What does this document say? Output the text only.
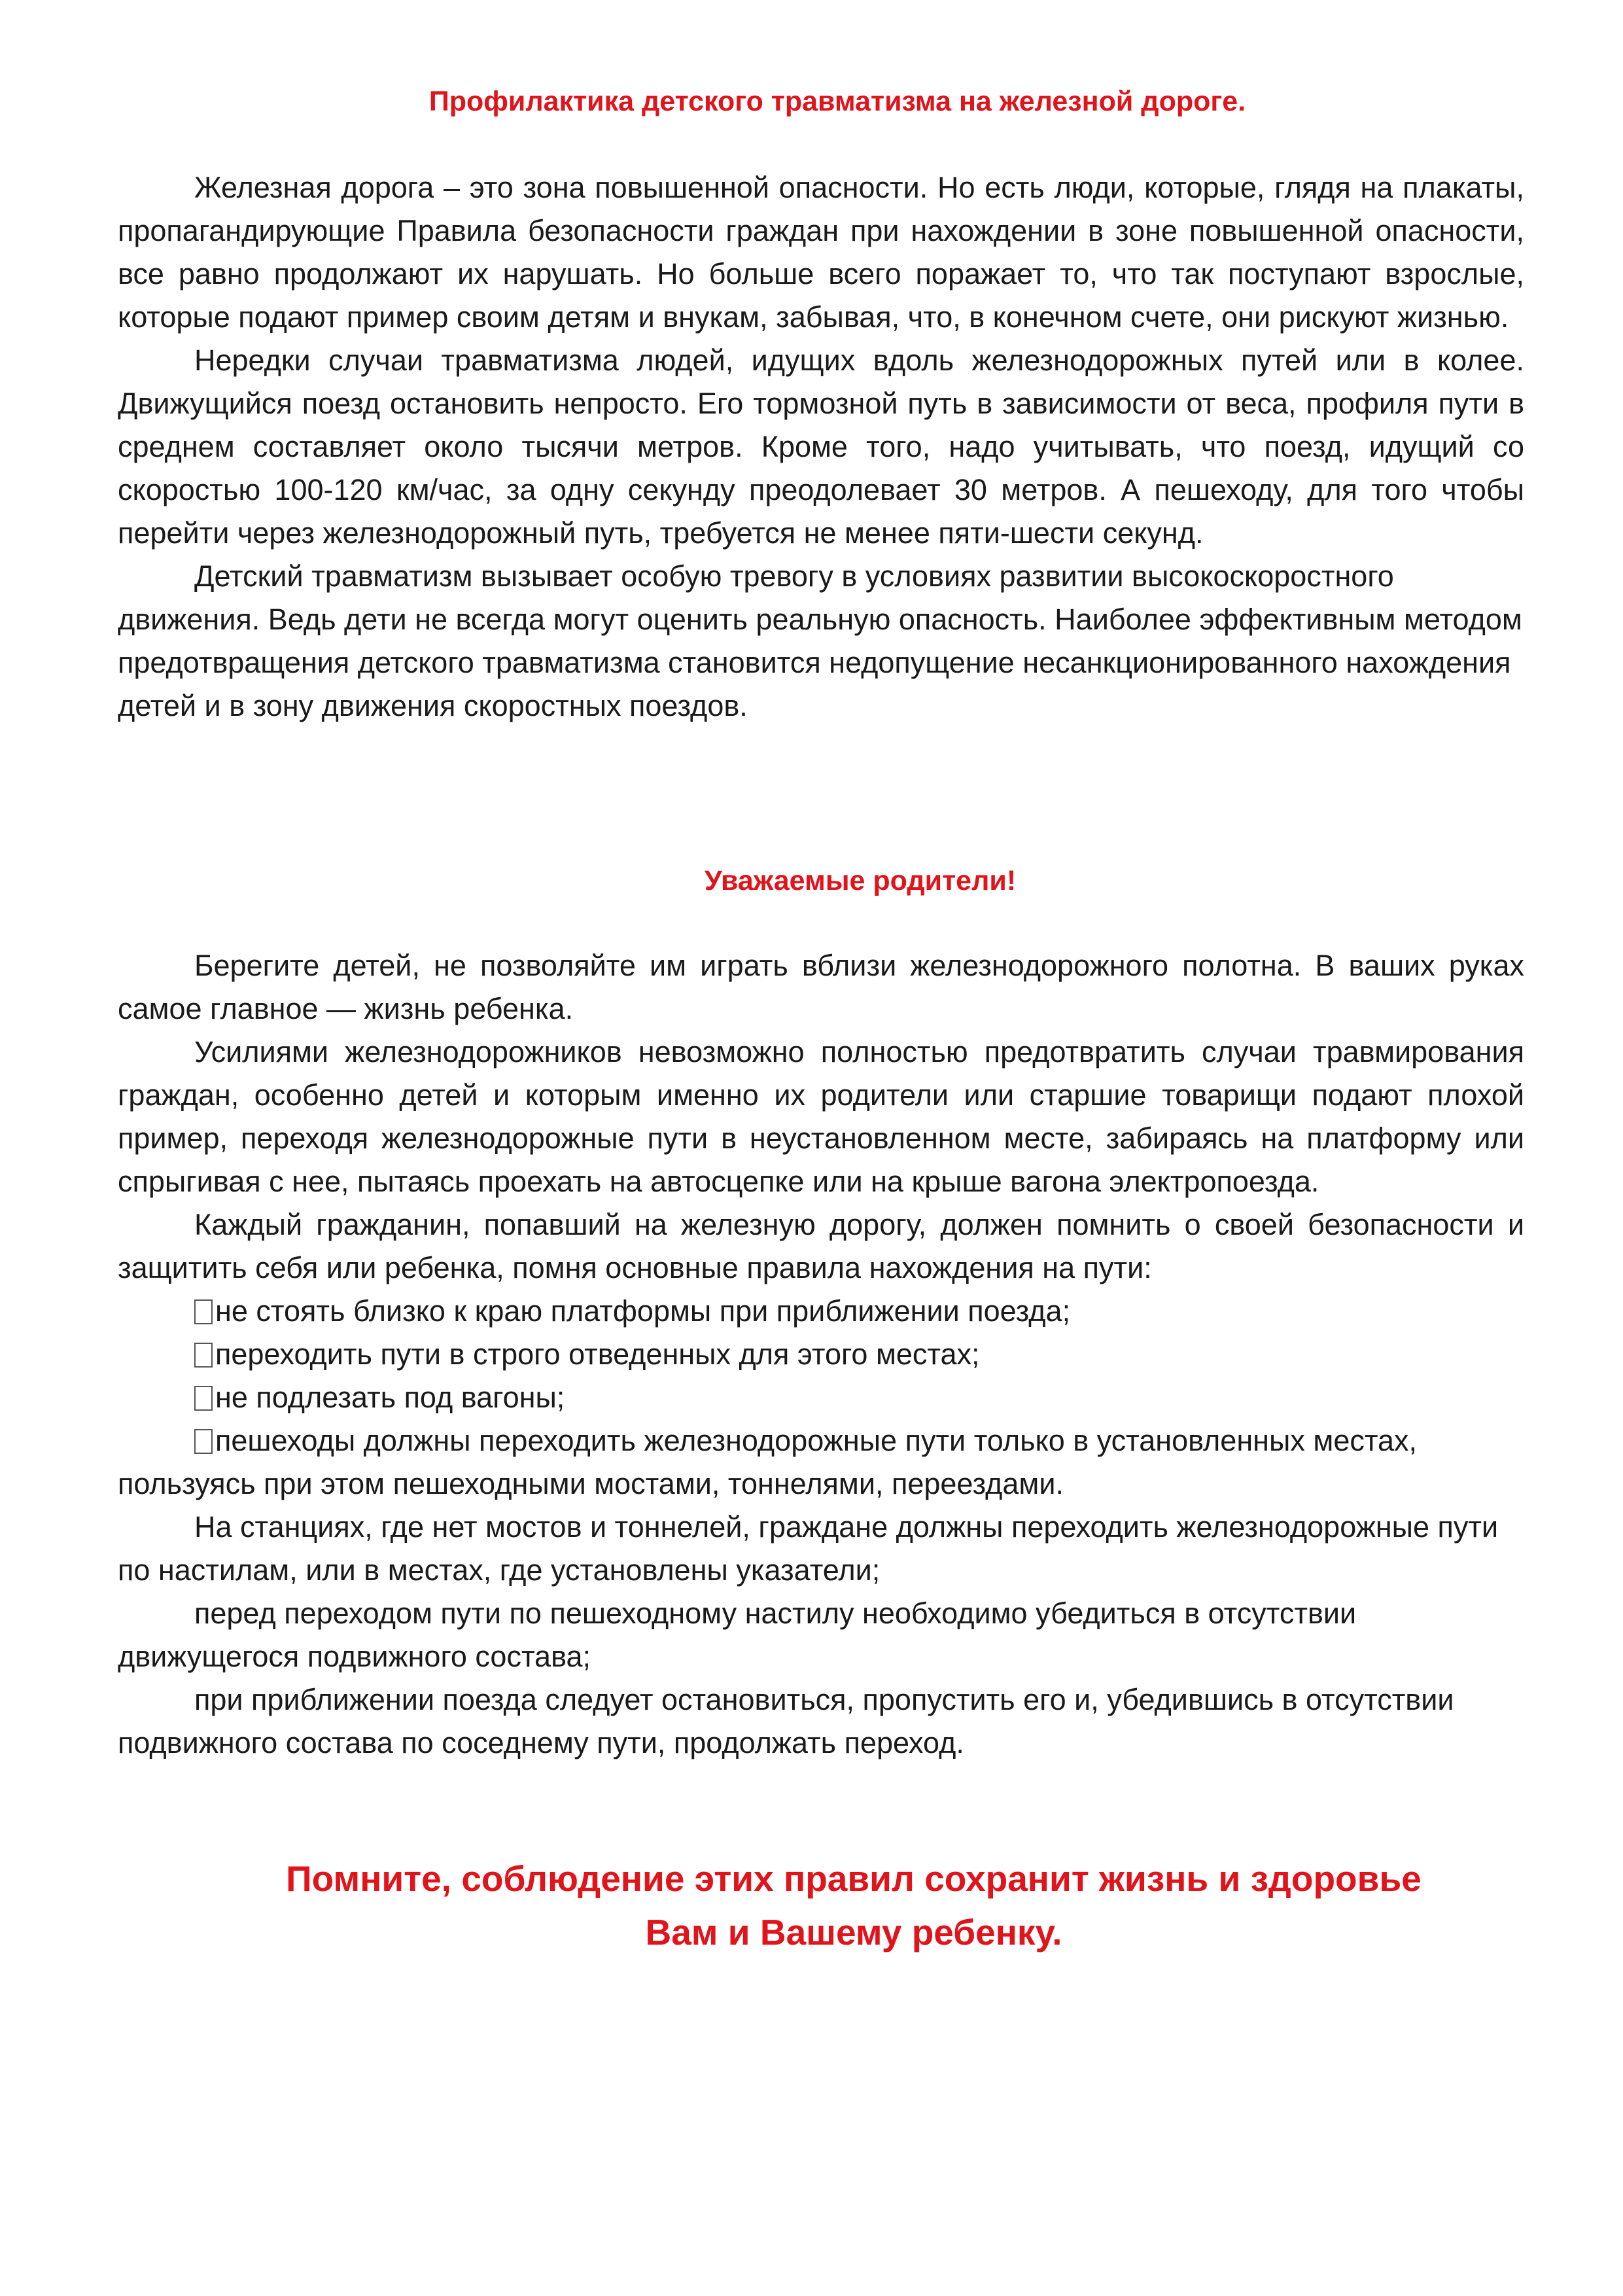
Профилактика детского травматизма на железной дороге.

Железная дорога – это зона повышенной опасности. Но есть люди, которые, глядя на плакаты, пропагандирующие Правила безопасности граждан при нахождении в зоне повышенной опасности, все равно продолжают их нарушать. Но больше всего поражает то, что так поступают взрослые, которые подают пример своим детям и внукам, забывая, что, в конечном счете, они рискуют жизнью.

Нередки случаи травматизма людей, идущих вдоль железнодорожных путей или в колее. Движущийся поезд остановить непросто. Его тормозной путь в зависимости от веса, профиля пути в среднем составляет около тысячи метров. Кроме того, надо учитывать, что поезд, идущий со скоростью 100-120 км/час, за одну секунду преодолевает 30 метров. А пешеходу, для того чтобы перейти через железнодорожный путь, требуется не менее пяти-шести секунд.

Детский травматизм вызывает особую тревогу в условиях развитии высокоскоростного движения. Ведь дети не всегда могут оценить реальную опасность. Наиболее эффективным методом предотвращения детского травматизма становится недопущение несанкционированного нахождения детей и в зону движения скоростных поездов.

Уважаемые родители!

Берегите детей, не позволяйте им играть вблизи железнодорожного полотна. В ваших руках самое главное — жизнь ребенка.

Усилиями железнодорожников невозможно полностью предотвратить случаи травмирования граждан, особенно детей и которым именно их родители или старшие товарищи подают плохой пример, переходя железнодорожные пути в неустановленном месте, забираясь на платформу или спрыгивая с нее, пытаясь проехать на автосцепке или на крыше вагона электропоезда.

Каждый гражданин, попавший на железную дорогу, должен помнить о своей безопасности и защитить себя или ребенка, помня основные правила нахождения на пути:

не стоять близко к краю платформы при приближении поезда;

переходить пути в строго отведенных для этого местах;

не подлезать под вагоны;

пешеходы должны переходить железнодорожные пути только в установленных местах, пользуясь при этом пешеходными мостами, тоннелями, переездами.

На станциях, где нет мостов и тоннелей, граждане должны переходить железнодорожные пути по настилам, или в местах, где установлены указатели;

перед переходом пути по пешеходному настилу необходимо убедиться в отсутствии движущегося подвижного состава;

при приближении поезда следует остановиться, пропустить его и, убедившись в отсутствии подвижного состава по соседнему пути, продолжать переход.

Помните, соблюдение этих правил сохранит жизнь и здоровье
Вам и Вашему ребенку.
